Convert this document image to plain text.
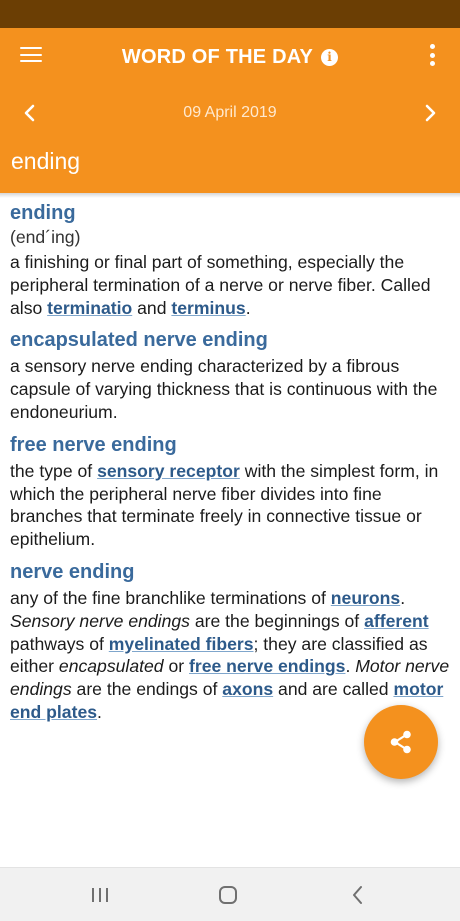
WORD OF THE DAY	i
09 April 2019
ending
ending
(end´ing)
a finishing or final part of something, especially the peripheral termination of a nerve or nerve fiber. Called also terminatio and terminus.
encapsulated nerve ending
a sensory nerve ending characterized by a fibrous capsule of varying thickness that is continuous with the endoneurium.
free nerve ending
the type of sensory receptor with the simplest form, in which the peripheral nerve fiber divides into fine branches that terminate freely in connective tissue or epithelium.
nerve ending
any of the fine branchlike terminations of neurons. Sensory nerve endings are the beginnings of afferent pathways of myelinated fibers; they are classified as either encapsulated or free nerve endings. Motor nerve endings are the endings of axons and are called motor end plates.
